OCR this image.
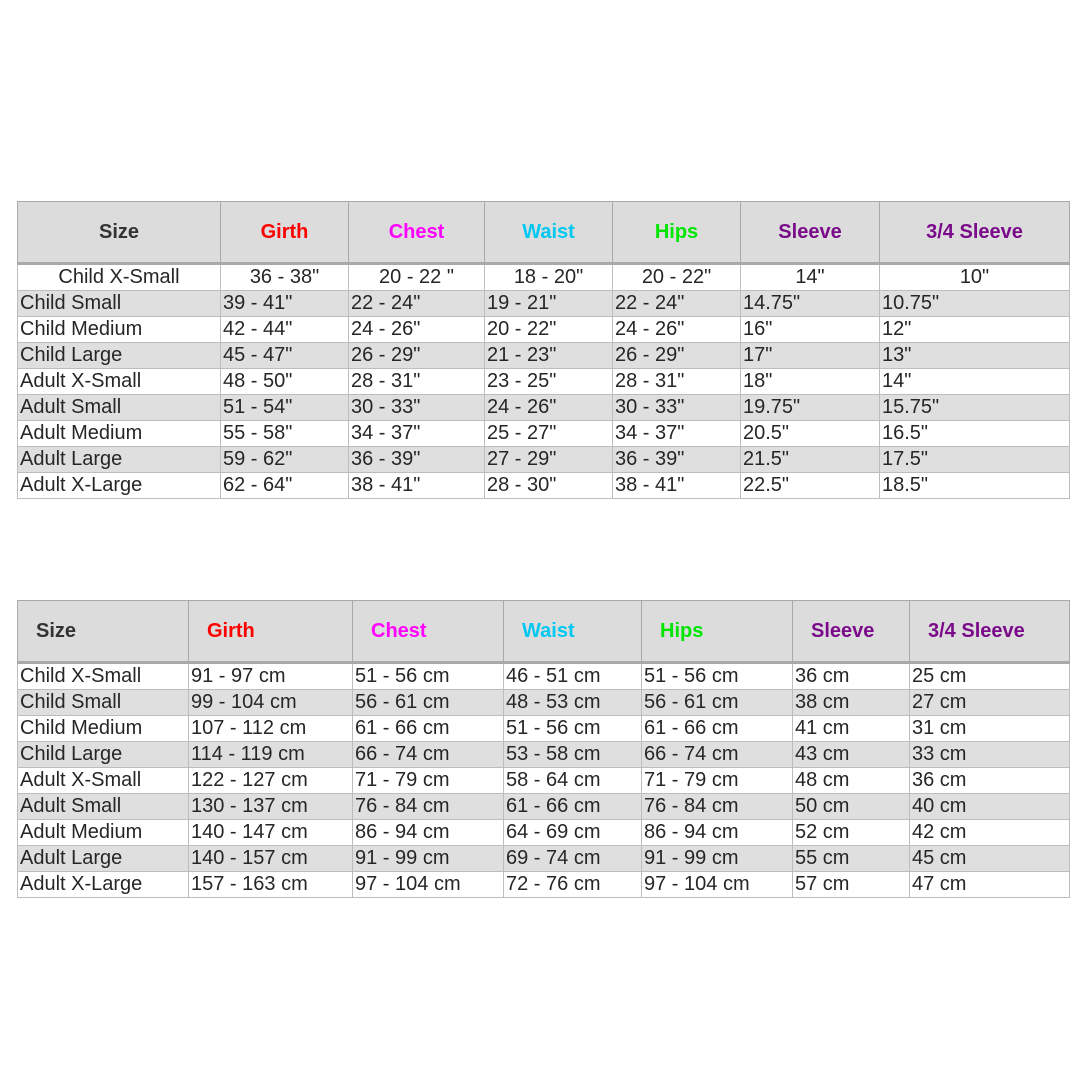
Size	Girth	Chest	Waist	Hips	Sleeve	3/4 Sleeve
Child X-Small	36 - 38"	20 - 22 "	18 - 20"	20 - 22"	14"	10"
Child Small	39 - 41"	22 - 24"	19 - 21"	22 - 24"	14.75"	10.75"
Child Medium	42 - 44"	24 - 26"	20 - 22"	24 - 26"	16"	12"
Child Large	45 - 47"	26 - 29"	21 - 23"	26 - 29"	17"	13"
Adult X-Small	48 - 50"	28 - 31"	23 - 25"	28 - 31"	18"	14"
Adult Small	51 - 54"	30 - 33"	24 - 26"	30 - 33"	19.75"	15.75"
Adult Medium	55 - 58"	34 - 37"	25 - 27"	34 - 37"	20.5"	16.5"
Adult Large	59 - 62"	36 - 39"	27 - 29"	36 - 39"	21.5"	17.5"
Adult X-Large	62 - 64"	38 - 41"	28 - 30"	38 - 41"	22.5"	18.5"
Size	Girth	Chest	Waist	Hips	Sleeve	3/4 Sleeve
Child X-Small	91 - 97 cm	51 - 56 cm	46 - 51 cm	51 - 56 cm	36 cm	25 cm
Child Small	99 - 104 cm	56 - 61 cm	48 - 53 cm	56 - 61 cm	38 cm	27 cm
Child Medium	107 - 112 cm	61 - 66 cm	51 - 56 cm	61 - 66 cm	41 cm	31 cm
Child Large	114 - 119 cm	66 - 74 cm	53 - 58 cm	66 - 74 cm	43 cm	33 cm
Adult X-Small	122 - 127 cm	71 - 79 cm	58 - 64 cm	71 - 79 cm	48 cm	36 cm
Adult Small	130 - 137 cm	76 - 84 cm	61 - 66 cm	76 - 84 cm	50 cm	40 cm
Adult Medium	140 - 147 cm	86 - 94 cm	64 - 69 cm	86 - 94 cm	52 cm	42 cm
Adult Large	140 - 157 cm	91 - 99 cm	69 - 74 cm	91 - 99 cm	55 cm	45 cm
Adult X-Large	157 - 163 cm	97 - 104 cm	72 - 76 cm	97 - 104 cm	57 cm	47 cm
